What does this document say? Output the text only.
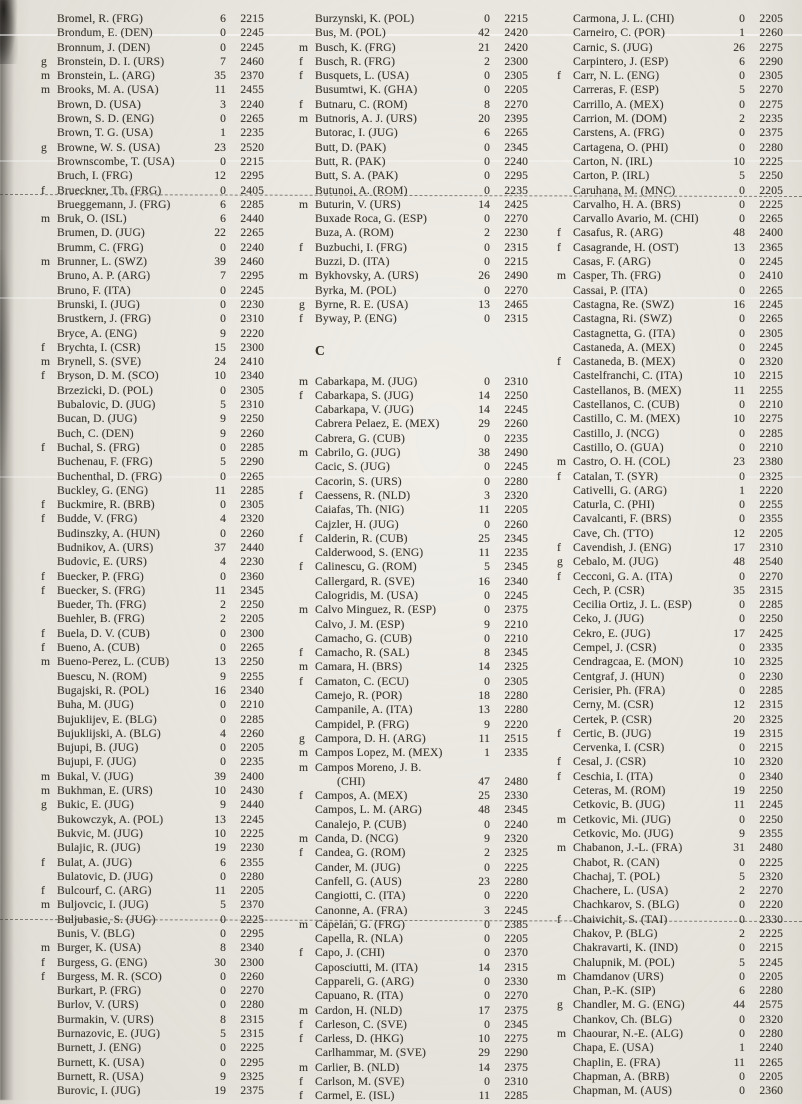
Bromel, R. (FRG)	6	2215
Brondum, E. (DEN)	0	2245
Bronnum, J. (DEN)	0	2245
g Bronstein, D. I. (URS)	7	2460
m Bronstein, L. (ARG)	35	2370
m Brooks, M. A. (USA)	11	2455
Brown, D. (USA)	3	2240
Brown, S. D. (ENG)	0	2265
Brown, T. G. (USA)	1	2235
g Browne, W. S. (USA)	23	2520
Brownscombe, T. (USA)	0	2215
Bruch, I. (FRG)	12	2295
f	Brueckner, Th. (FRG)	0	2405
Brueggemann, J. (FRG)	6	2285
m Bruk, O. (ISL)	6	2440
Brumen, D. (JUG)	22	2265
Brumm, C. (FRG)	0	2240
m Brunner, L. (SWZ)	39	2460
Bruno, A. P. (ARG)	7	2295
Bruno, F. (ITA)	0	2245
Brunski, I. (JUG)	0	2230
Brustkern, J. (FRG)	0	2310
Bryce, A. (ENG)	9	2220
f	Brychta, I. (CSR)	15	2300
m Brynell, S. (SVE)	24	2410
f	Bryson, D. M. (SCO)	10	2340
Brzezicki, D. (POL)	0	2305
Bubalovic, D. (JUG)	5	2310
Bucan, D. (JUG)	9	2250
Buch, C. (DEN)	9	2260
f	Buchal, S. (FRG)	0	2285
Buchenau, F. (FRG)	5	2290
Buchenthal, D. (FRG)	0	2265
Buckley, G. (ENG)	11	2285
f	Buckmire, R. (BRB)	0	2305
f	Budde, V. (FRG)	4	2320
Budinszky, A. (HUN)	0	2260
Budnikov, A. (URS)	37	2440
Budovic, E. (URS)	4	2230
f	Buecker, P. (FRG)	0	2360
f	Buecker, S. (FRG)	11	2345
Bueder, Th. (FRG)	2	2250
Buehler, B. (FRG)	2	2205
f	Buela, D. V. (CUB)	0	2300
f	Bueno, A. (CUB)	0	2265
m Bueno-Perez, L. (CUB)	13	2250
Buescu, N. (ROM)	9	2255
Bugajski, R. (POL)	16	2340
Buha, M. (JUG)	0	2210
Bujuklijev, E. (BLG)	0	2285
Bujuklijski, A. (BLG)	4	2260
Bujupi, B. (JUG)	0	2205
Bujupi, F. (JUG)	0	2235
m Bukal, V. (JUG)	39	2400
m Bukhman, E. (URS)	10	2430
g Bukic, E. (JUG)	9	2440
Bukowczyk, A. (POL)	13	2245
Bukvic, M. (JUG)	10	2225
Bulajic, R. (JUG)	19	2230
f	Bulat, A. (JUG)	6	2355
Bulatovic, D. (JUG)	0	2280
f	Bulcourf, C. (ARG)	11	2205
m Buljovcic, I. (JUG)	5	2370
Buljubasic, S. (JUG)	0	2225
Bunis, V. (BLG)	0	2295
m Burger, K. (USA)	8	2340
f	Burgess, G. (ENG)	30	2300
f	Burgess, M. R. (SCO)	0	2260
Burkart, P. (FRG)	0	2270
Burlov, V. (URS)	0	2280
Burmakin, V. (URS)	8	2315
Burnazovic, E. (JUG)	5	2315
Burnett, J. (ENG)	0	2225
Burnett, K. (USA)	0	2295
Burnett, R. (USA)	9	2325
Burovic, I. (JUG)	19	2375
Burzynski, K. (POL)	0	2215
Bus, M. (POL)	42	2420
m Busch, K. (FRG)	21	2420
f	Busch, R. (FRG)	2	2300
f	Busquets, L. (USA)	0	2305
Busumtwi, K. (GHA)	0	2205
f	Butnaru, C. (ROM)	8	2270
m Butnoris, A. J. (URS)	20	2395
Butorac, I. (JUG)	6	2265
Butt, D. (PAK)	0	2345
Butt, R. (PAK)	0	2240
Butt, S. A. (PAK)	0	2295
Butunoi, A. (ROM)	0	2235
m Buturin, V. (URS)	14	2425
Buxade Roca, G. (ESP)	0	2270
Buza, A. (ROM)	2	2230
f	Buzbuchi, I. (FRG)	0	2315
Buzzi, D. (ITA)	0	2215
m Bykhovsky, A. (URS)	26	2490
Byrka, M. (POL)	0	2270
g Byrne, R. E. (USA)	13	2465
f	Byway, P. (ENG)	0	2315
C
m Cabarkapa, M. (JUG)	0	2310
f	Cabarkapa, S. (JUG)	14	2250
Cabarkapa, V. (JUG)	14	2245
Cabrera Pelaez, E. (MEX)	29	2260
Cabrera, G. (CUB)	0	2235
m Cabrilo, G. (JUG)	38	2490
Cacic, S. (JUG)	0	2245
Cacorin, S. (URS)	0	2280
f	Caessens, R. (NLD)	3	2320
Caiafas, Th. (NIG)	11	2205
Cajzler, H. (JUG)	0	2260
f	Calderin, R. (CUB)	25	2345
Calderwood, S. (ENG)	11	2235
f	Calinescu, G. (ROM)	5	2345
Callergard, R. (SVE)	16	2340
Calogridis, M. (USA)	0	2245
m Calvo Minguez, R. (ESP)	0	2375
Calvo, J. M. (ESP)	9	2210
Camacho, G. (CUB)	0	2210
f	Camacho, R. (SAL)	8	2345
m Camara, H. (BRS)	14	2325
f	Camaton, C. (ECU)	0	2305
Camejo, R. (POR)	18	2280
Campanile, A. (ITA)	13	2280
Campidel, P. (FRG)	9	2220
g Campora, D. H. (ARG)	11	2515
m Campos Lopez, M. (MEX)	1	2335
m Campos Moreno, J. B.
(CHI)	47	2480
f	Campos, A. (MEX)	25	2330
Campos, L. M. (ARG)	48	2345
Canalejo, P. (CUB)	0	2240
m Canda, D. (NCG)	9	2320
f	Candea, G. (ROM)	2	2325
Cander, M. (JUG)	0	2225
Canfell, G. (AUS)	23	2280
Cangiotti, C. (ITA)	0	2220
Canonne, A. (FRA)	3	2245
m Capelan, G. (FRG)	0	2385
Capella, R. (NLA)	0	2205
f	Capo, J. (CHI)	0	2370
Caposciutti, M. (ITA)	14	2315
Cappareli, G. (ARG)	0	2330
Capuano, R. (ITA)	0	2270
m Cardon, H. (NLD)	17	2375
f	Carleson, C. (SVE)	0	2345
f	Carless, D. (HKG)	10	2275
Carlhammar, M. (SVE)	29	2290
m Carlier, B. (NLD)	14	2375
f	Carlson, M. (SVE)	0	2310
f	Carmel, E. (ISL)	11	2285
Carmona, J. L. (CHI)	0	2205
Carneiro, C. (POR)	1	2260
Carnic, S. (JUG)	26	2275
Carpintero, J. (ESP)	6	2290
f	Carr, N. L. (ENG)	0	2305
Carreras, F. (ESP)	5	2270
Carrillo, A. (MEX)	0	2275
Carrion, M. (DOM)	2	2235
Carstens, A. (FRG)	0	2375
Cartagena, O. (PHI)	0	2280
Carton, N. (IRL)	10	2225
Carton, P. (IRL)	5	2250
Caruhana, M. (MNC)	0	2205
Carvalho, H. A. (BRS)	0	2225
Carvallo Avario, M. (CHI)	0	2265
f	Casafus, R. (ARG)	48	2400
f	Casagrande, H. (OST)	13	2365
Casas, F. (ARG)	0	2245
m Casper, Th. (FRG)	0	2410
Cassai, P. (ITA)	0	2265
Castagna, Re. (SWZ)	16	2245
Castagna, Ri. (SWZ)	0	2265
Castagnetta, G. (ITA)	0	2305
Castaneda, A. (MEX)	0	2245
f	Castaneda, B. (MEX)	0	2320
Castelfranchi, C. (ITA)	10	2215
Castellanos, B. (MEX)	11	2255
Castellanos, C. (CUB)	0	2210
Castillo, C. M. (MEX)	10	2275
Castillo, J. (NCG)	0	2285
Castillo, O. (GUA)	0	2210
m Castro, O. H. (COL)	23	2380
f	Catalan, T. (SYR)	0	2325
Cativelli, G. (ARG)	1	2220
Caturla, C. (PHI)	0	2255
Cavalcanti, F. (BRS)	0	2355
Cave, Ch. (TTO)	12	2205
f	Cavendish, J. (ENG)	17	2310
g Cebalo, M. (JUG)	48	2540
f	Cecconi, G. A. (ITA)	0	2270
Cech, P. (CSR)	35	2315
Cecilia Ortiz, J. L. (ESP)	0	2285
Ceko, J. (JUG)	0	2250
Cekro, E. (JUG)	17	2425
Cempel, J. (CSR)	0	2335
Cendragcaa, E. (MON)	10	2325
Centgraf, J. (HUN)	0	2230
Cerisier, Ph. (FRA)	0	2285
Cerny, M. (CSR)	12	2315
Certek, P. (CSR)	20	2325
f	Certic, B. (JUG)	19	2315
Cervenka, I. (CSR)	0	2215
f	Cesal, J. (CSR)	10	2320
f	Ceschia, I. (ITA)	0	2340
Ceteras, M. (ROM)	19	2250
Cetkovic, B. (JUG)	11	2245
m Cetkovic, Mi. (JUG)	0	2250
Cetkovic, Mo. (JUG)	9	2355
m Chabanon, J.-L. (FRA)	31	2480
Chabot, R. (CAN)	0	2225
Chachaj, T. (POL)	5	2320
Chachere, L. (USA)	2	2270
Chachkarov, S. (BLG)	0	2220
f	Chaivichit, S. (TAI)	0	2330
Chakov, P. (BLG)	2	2225
Chakravarti, K. (IND)	0	2215
Chalupnik, M. (POL)	5	2245
m Chamdanov (URS)	0	2205
Chan, P.-K. (SIP)	6	2280
g Chandler, M. G. (ENG)	44	2575
Chankov, Ch. (BLG)	0	2320
m Chaourar, N.-E. (ALG)	0	2280
Chapa, E. (USA)	1	2240
Chaplin, E. (FRA)	11	2265
Chapman, A. (BRB)	0	2205
Chapman, M. (AUS)	0	2360
